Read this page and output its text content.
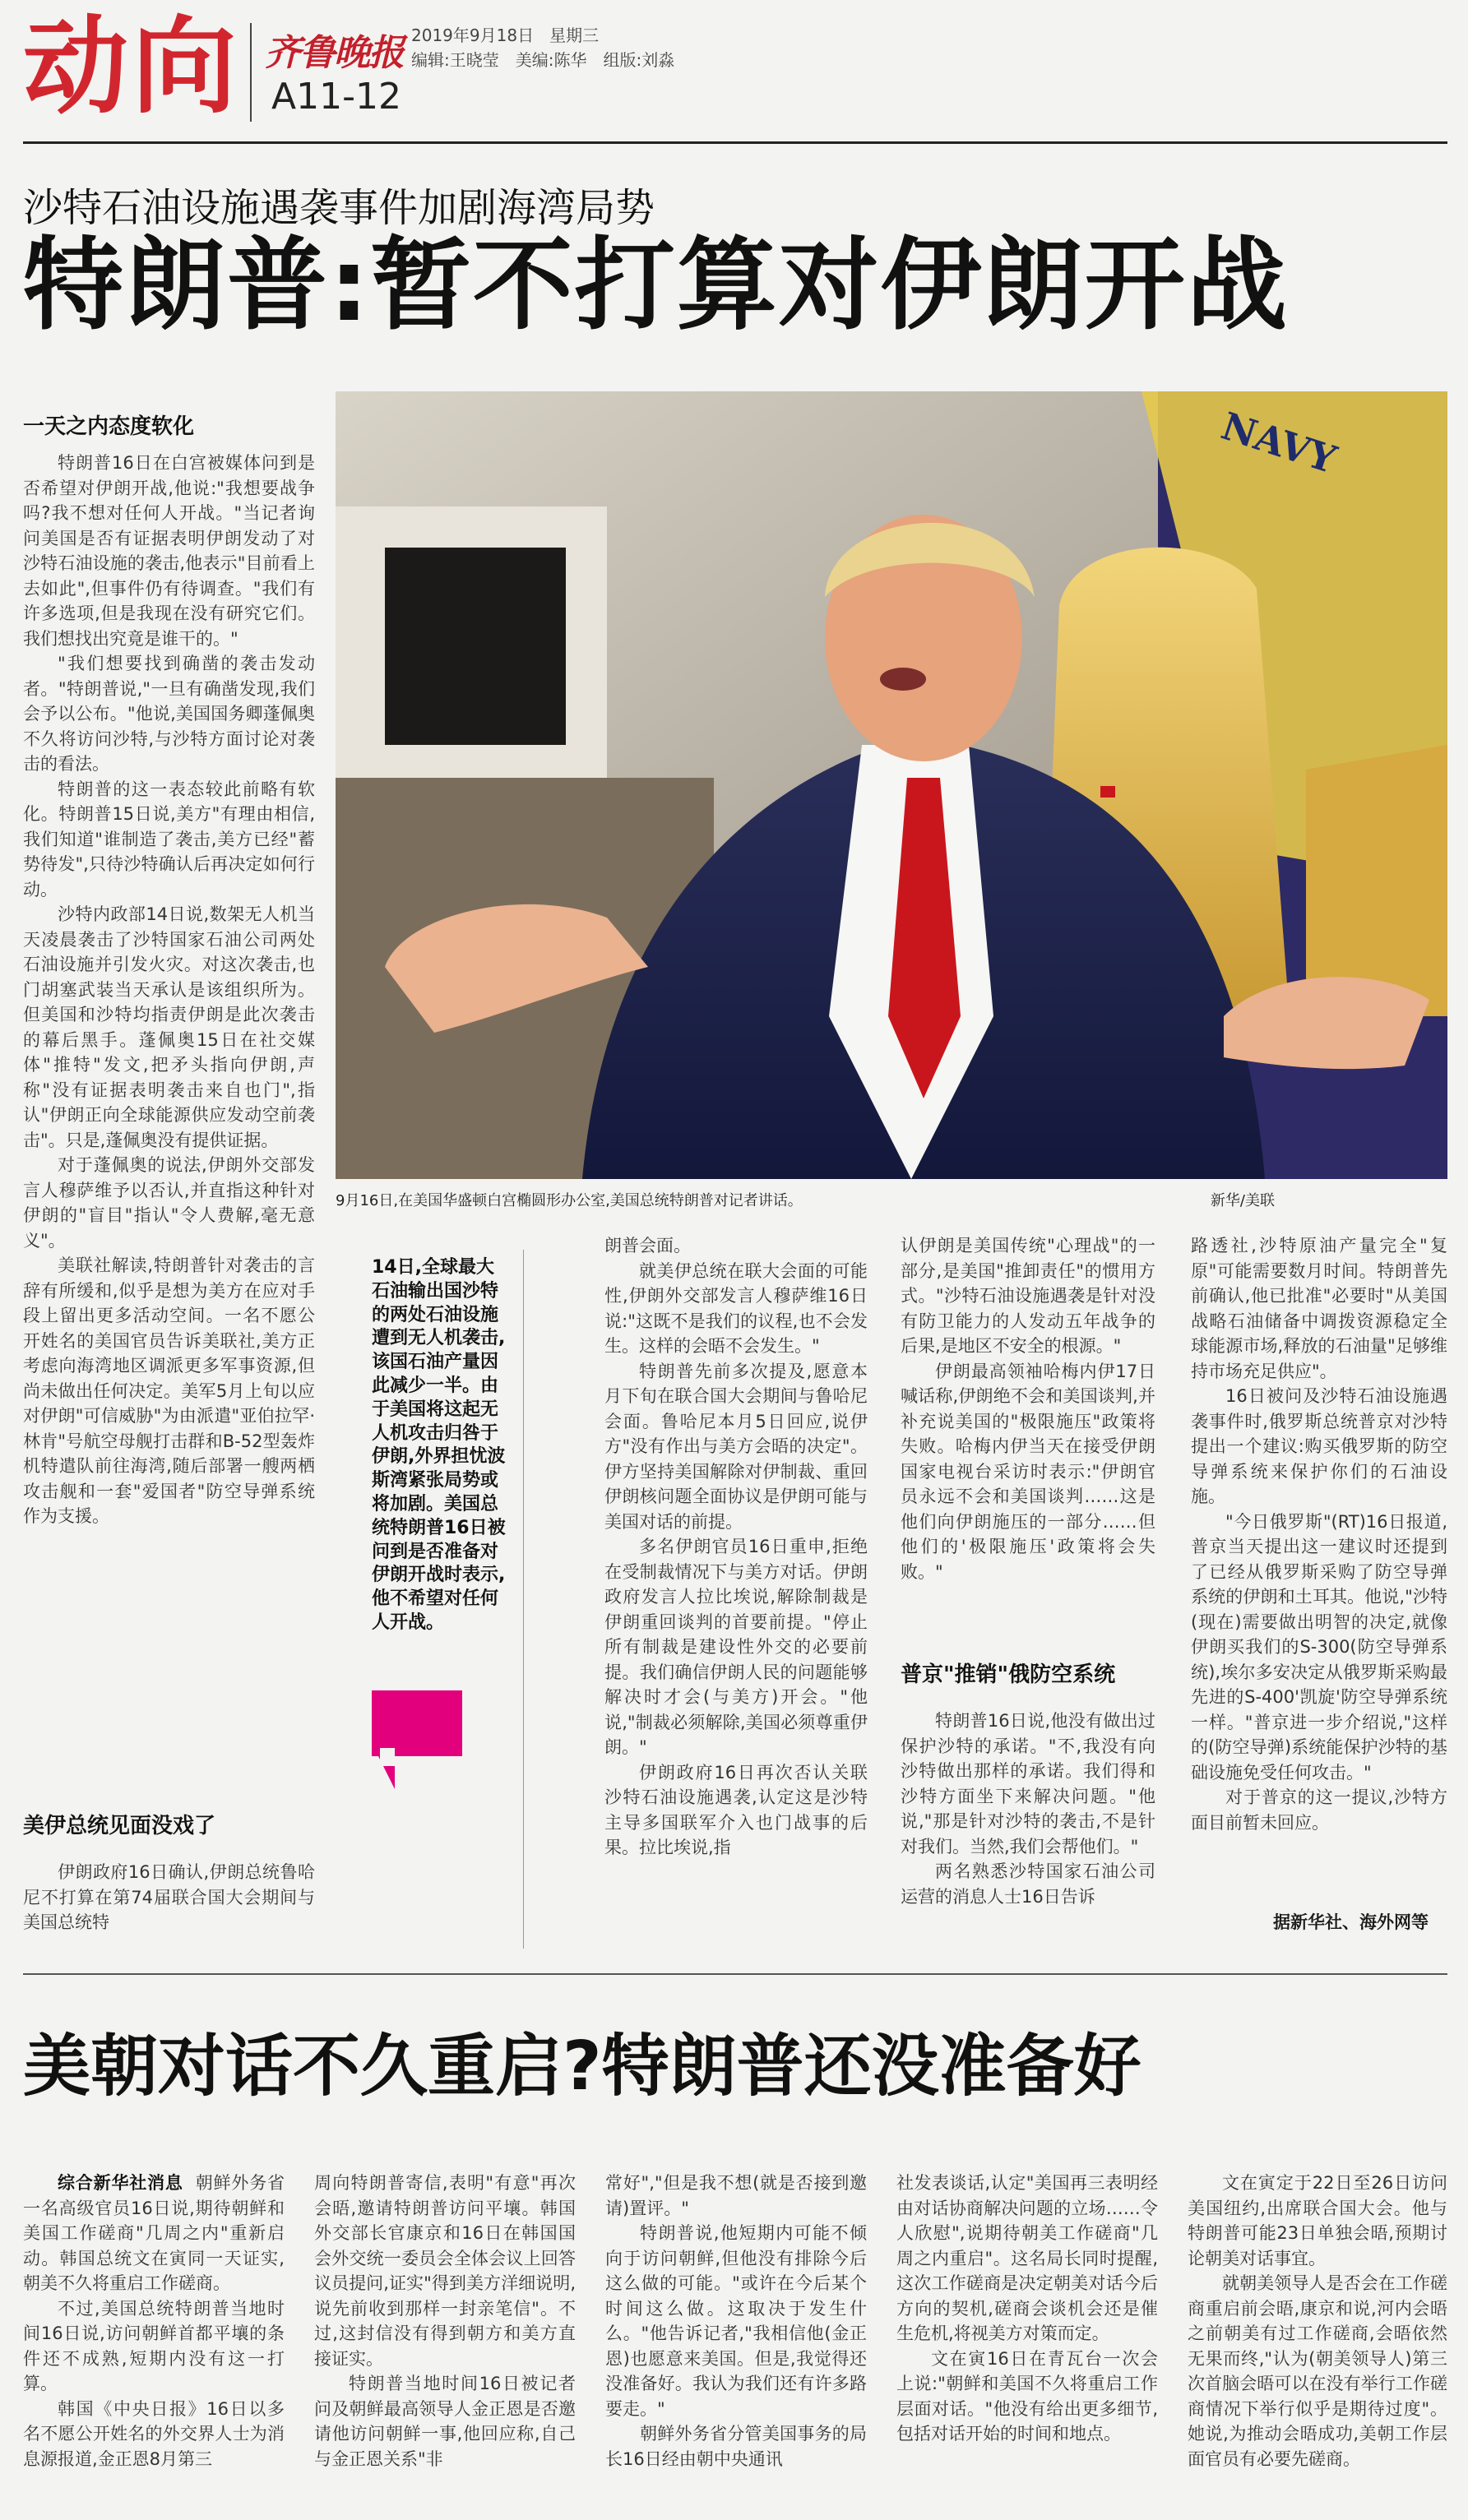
动向 齐鲁晚报 2019年9月18日 星期三
编辑:王晓莹　美编:陈华　组版:刘淼
A11-12
沙特石油设施遇袭事件加剧海湾局势
特朗普:暂不打算对伊朗开战
NAVY
9月16日,在美国华盛顿白宫椭圆形办公室,美国总统特朗普对记者讲话。	新华/美联
一天之内态度软化

特朗普16日在白宫被媒体问到是否希望对伊朗开战,他说:"我想要战争吗?我不想对任何人开战。"当记者询问美国是否有证据表明伊朗发动了对沙特石油设施的袭击,他表示"目前看上去如此",但事件仍有待调查。"我们有许多选项,但是我现在没有研究它们。我们想找出究竟是谁干的。"

"我们想要找到确凿的袭击发动者。"特朗普说,"一旦有确凿发现,我们会予以公布。"他说,美国国务卿蓬佩奥不久将访问沙特,与沙特方面讨论对袭击的看法。

特朗普的这一表态较此前略有软化。特朗普15日说,美方"有理由相信,我们知道"谁制造了袭击,美方已经"蓄势待发",只待沙特确认后再决定如何行动。

沙特内政部14日说,数架无人机当天凌晨袭击了沙特国家石油公司两处石油设施并引发火灾。对这次袭击,也门胡塞武装当天承认是该组织所为。但美国和沙特均指责伊朗是此次袭击的幕后黑手。蓬佩奥15日在社交媒体"推特"发文,把矛头指向伊朗,声称"没有证据表明袭击来自也门",指认"伊朗正向全球能源供应发动空前袭击"。只是,蓬佩奥没有提供证据。

对于蓬佩奥的说法,伊朗外交部发言人穆萨维予以否认,并直指这种针对伊朗的"盲目"指认"令人费解,毫无意义"。

美联社解读,特朗普针对袭击的言辞有所缓和,似乎是想为美方在应对手段上留出更多活动空间。一名不愿公开姓名的美国官员告诉美联社,美方正考虑向海湾地区调派更多军事资源,但尚未做出任何决定。美军5月上旬以应对伊朗"可信威胁"为由派遣"亚伯拉罕·林肯"号航空母舰打击群和B-52型轰炸机特遣队前往海湾,随后部署一艘两栖攻击舰和一套"爱国者"防空导弹系统作为支援。

美伊总统见面没戏了

伊朗政府16日确认,伊朗总统鲁哈尼不打算在第74届联合国大会期间与美国总统特

14日,全球最大石油输出国沙特的两处石油设施遭到无人机袭击,该国石油产量因此减少一半。由于美国将这起无人机攻击归咎于伊朗,外界担忧波斯湾紧张局势或将加剧。美国总统特朗普16日被问到是否准备对伊朗开战时表示,他不希望对任何人开战。

朗普会面。

就美伊总统在联大会面的可能性,伊朗外交部发言人穆萨维16日说:"这既不是我们的议程,也不会发生。这样的会晤不会发生。"

特朗普先前多次提及,愿意本月下旬在联合国大会期间与鲁哈尼会面。鲁哈尼本月5日回应,说伊方"没有作出与美方会晤的决定"。伊方坚持美国解除对伊制裁、重回伊朗核问题全面协议是伊朗可能与美国对话的前提。

多名伊朗官员16日重申,拒绝在受制裁情况下与美方对话。伊朗政府发言人拉比埃说,解除制裁是伊朗重回谈判的首要前提。"停止所有制裁是建设性外交的必要前提。我们确信伊朗人民的问题能够解决时才会(与美方)开会。"他说,"制裁必须解除,美国必须尊重伊朗。"

伊朗政府16日再次否认关联沙特石油设施遇袭,认定这是沙特主导多国联军介入也门战事的后果。拉比埃说,指

认伊朗是美国传统"心理战"的一部分,是美国"推卸责任"的惯用方式。"沙特石油设施遇袭是针对没有防卫能力的人发动五年战争的后果,是地区不安全的根源。"

伊朗最高领袖哈梅内伊17日喊话称,伊朗绝不会和美国谈判,并补充说美国的"极限施压"政策将失败。哈梅内伊当天在接受伊朗国家电视台采访时表示:"伊朗官员永远不会和美国谈判……这是他们向伊朗施压的一部分……但他们的'极限施压'政策将会失败。"

普京"推销"俄防空系统

特朗普16日说,他没有做出过保护沙特的承诺。"不,我没有向沙特做出那样的承诺。我们得和沙特方面坐下来解决问题。"他说,"那是针对沙特的袭击,不是针对我们。当然,我们会帮他们。"

两名熟悉沙特国家石油公司运营的消息人士16日告诉

路透社,沙特原油产量完全"复原"可能需要数月时间。特朗普先前确认,他已批准"必要时"从美国战略石油储备中调拨资源稳定全球能源市场,释放的石油量"足够维持市场充足供应"。

16日被问及沙特石油设施遇袭事件时,俄罗斯总统普京对沙特提出一个建议:购买俄罗斯的防空导弹系统来保护你们的石油设施。

"今日俄罗斯"(RT)16日报道,普京当天提出这一建议时还提到了已经从俄罗斯采购了防空导弹系统的伊朗和土耳其。他说,"沙特(现在)需要做出明智的决定,就像伊朗买我们的S-300(防空导弹系统),埃尔多安决定从俄罗斯采购最先进的S-400'凯旋'防空导弹系统一样。"普京进一步介绍说,"这样的(防空导弹)系统能保护沙特的基础设施免受任何攻击。"

对于普京的这一提议,沙特方面目前暂未回应。

据新华社、海外网等
美朝对话不久重启?特朗普还没准备好

综合新华社消息 朝鲜外务省一名高级官员16日说,期待朝鲜和美国工作磋商"几周之内"重新启动。韩国总统文在寅同一天证实,朝美不久将重启工作磋商。

不过,美国总统特朗普当地时间16日说,访问朝鲜首都平壤的条件还不成熟,短期内没有这一打算。

韩国《中央日报》16日以多名不愿公开姓名的外交界人士为消息源报道,金正恩8月第三

周向特朗普寄信,表明"有意"再次会晤,邀请特朗普访问平壤。韩国外交部长官康京和16日在韩国国会外交统一委员会全体会议上回答议员提问,证实"得到美方洋细说明,说先前收到那样一封亲笔信"。不过,这封信没有得到朝方和美方直接证实。

特朗普当地时间16日被记者问及朝鲜最高领导人金正恩是否邀请他访问朝鲜一事,他回应称,自己与金正恩关系"非

常好","但是我不想(就是否接到邀请)置评。"

特朗普说,他短期内可能不倾向于访问朝鲜,但他没有排除今后这么做的可能。"或许在今后某个时间这么做。这取决于发生什么。"他告诉记者,"我相信他(金正恩)也愿意来美国。但是,我觉得还没准备好。我认为我们还有许多路要走。"

朝鲜外务省分管美国事务的局长16日经由朝中央通讯

社发表谈话,认定"美国再三表明经由对话协商解决问题的立场……令人欣慰",说期待朝美工作磋商"几周之内重启"。这名局长同时提醒,这次工作磋商是决定朝美对话今后方向的契机,磋商会谈机会还是催生危机,将视美方对策而定。

文在寅16日在青瓦台一次会上说:"朝鲜和美国不久将重启工作层面对话。"他没有给出更多细节,包括对话开始的时间和地点。

文在寅定于22日至26日访问美国纽约,出席联合国大会。他与特朗普可能23日单独会晤,预期讨论朝美对话事宜。

就朝美领导人是否会在工作磋商重启前会晤,康京和说,河内会晤之前朝美有过工作磋商,会晤依然无果而终,"认为(朝美领导人)第三次首脑会晤可以在没有举行工作磋商情况下举行似乎是期待过度"。她说,为推动会晤成功,美朝工作层面官员有必要先磋商。
